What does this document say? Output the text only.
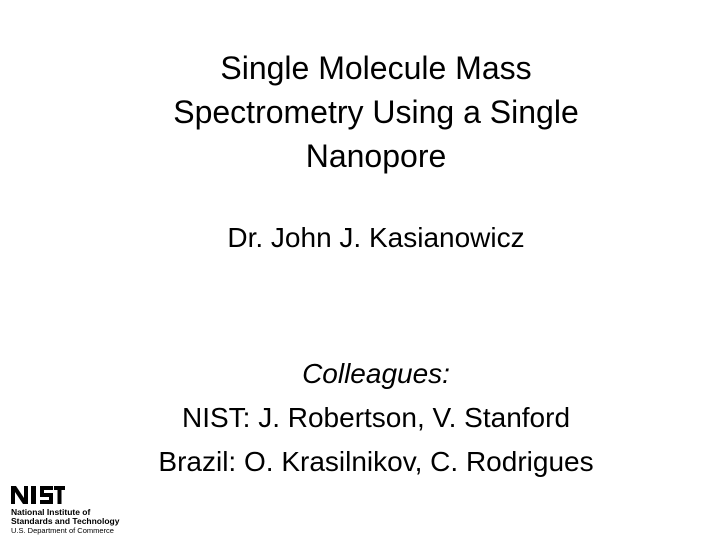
Single Molecule Mass
Spectrometry Using a Single
Nanopore
Dr. John J. Kasianowicz
Colleagues:
NIST: J. Robertson, V. Stanford
Brazil: O. Krasilnikov, C. Rodrigues
National Institute of
Standards and Technology
U.S. Department of Commerce
